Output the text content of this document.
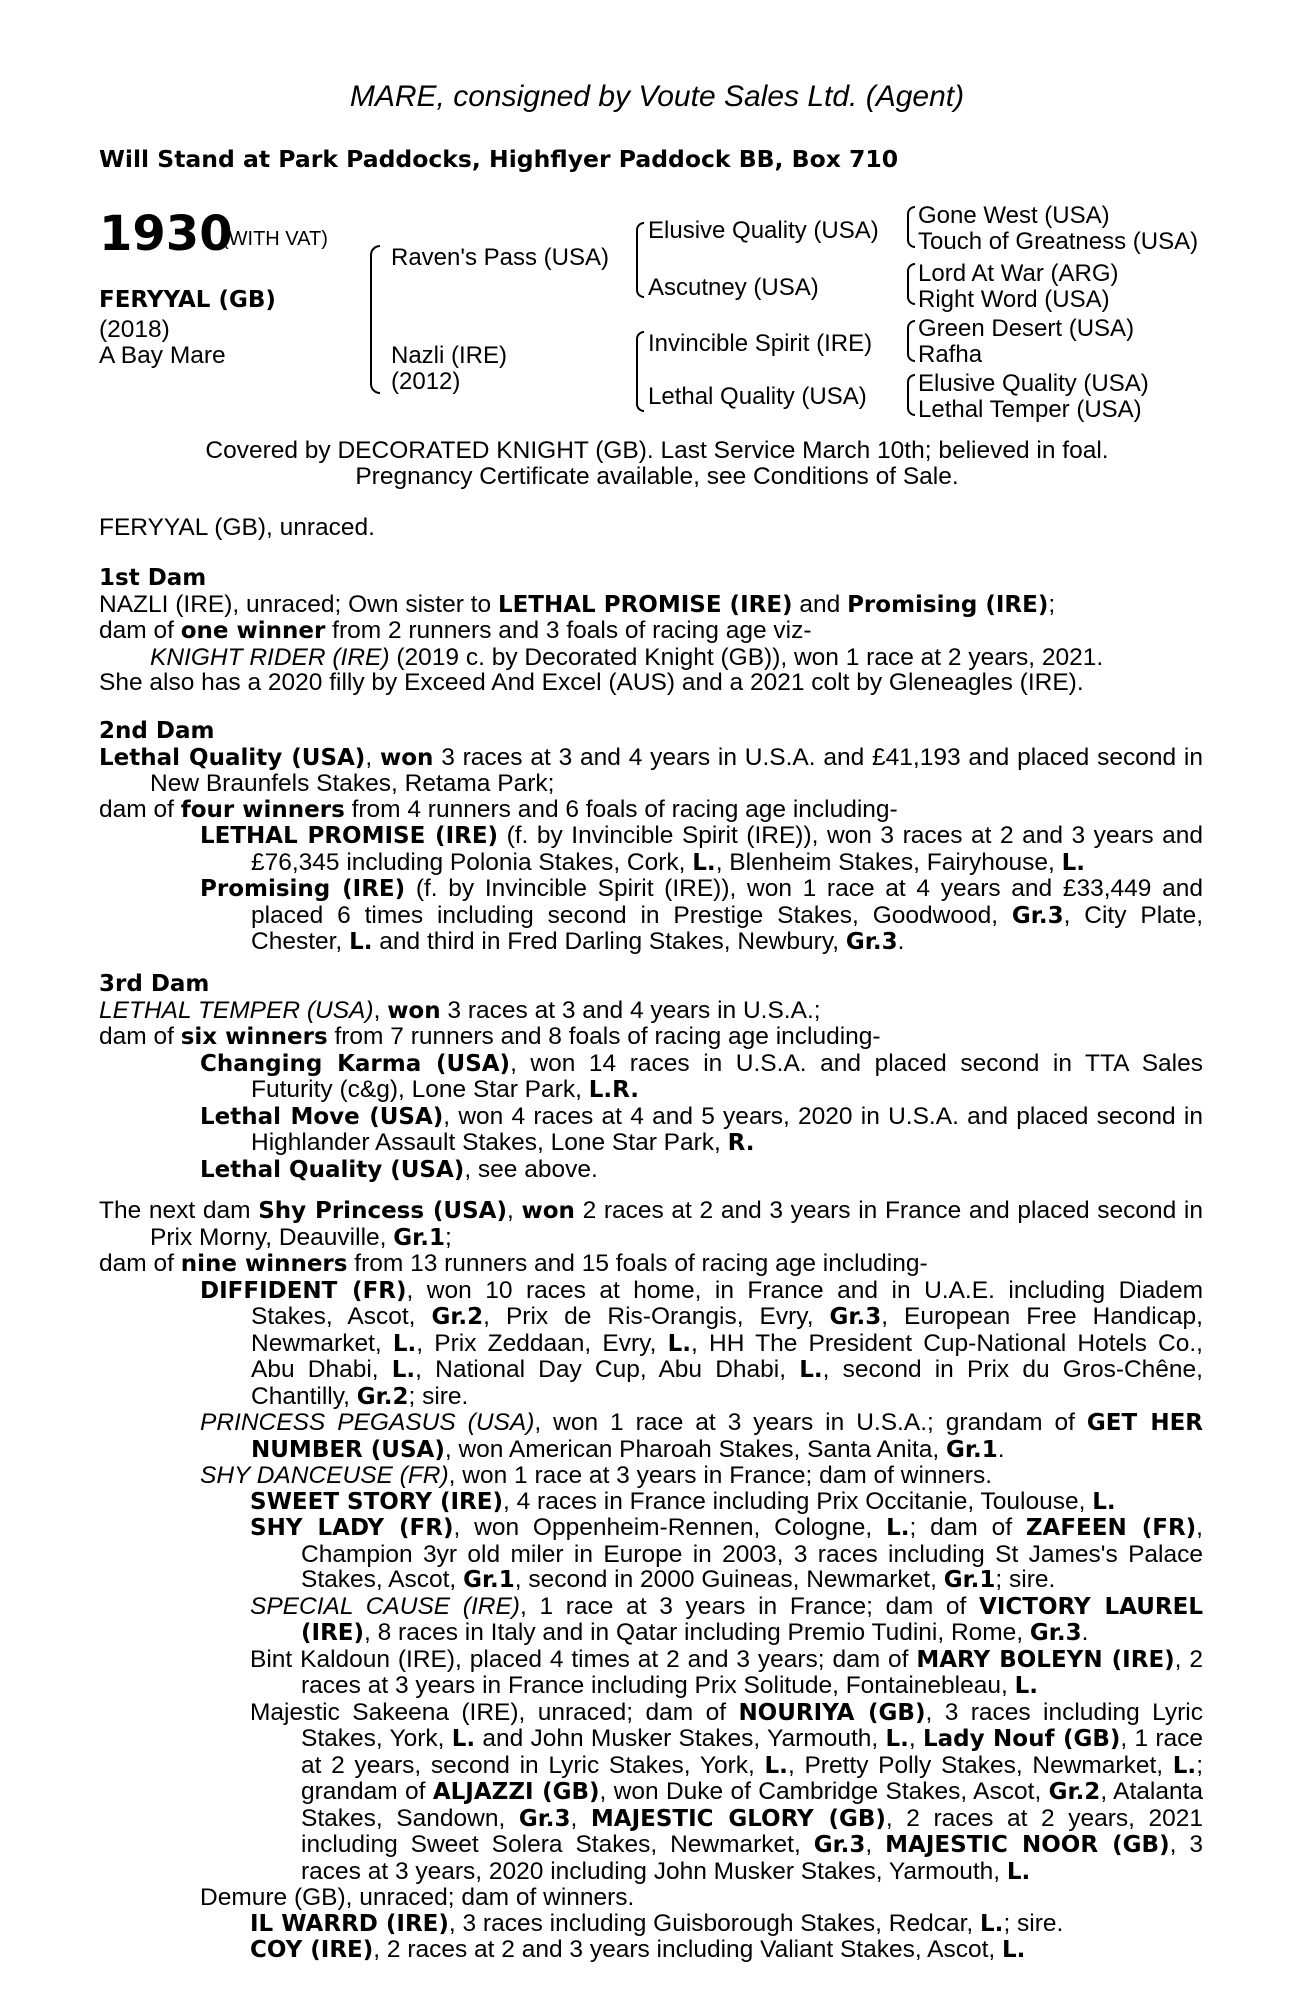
MARE, consigned by Voute Sales Ltd. (Agent)
Will Stand at Park Paddocks, Highflyer Paddock BB, Box 710
1930
(WITH VAT)
FERYYAL (GB)
(2018)
A Bay Mare
Raven's Pass (USA)
Nazli (IRE)
(2012)
Elusive Quality (USA)
Ascutney (USA)
Invincible Spirit (IRE)
Lethal Quality (USA)
Gone West (USA)
Touch of Greatness (USA)
Lord At War (ARG)
Right Word (USA)
Green Desert (USA)
Rafha
Elusive Quality (USA)
Lethal Temper (USA)
Covered by DECORATED KNIGHT (GB). Last Service March 10th; believed in foal.
Pregnancy Certificate available, see Conditions of Sale.
FERYYAL (GB), unraced.

1st Dam

NAZLI (IRE), unraced; Own sister to LETHAL PROMISE (IRE) and Promising (IRE);

dam of one winner from 2 runners and 3 foals of racing age viz-

KNIGHT RIDER (IRE) (2019 c. by Decorated Knight (GB)), won 1 race at 2 years, 2021.

She also has a 2020 filly by Exceed And Excel (AUS) and a 2021 colt by Gleneagles (IRE).

2nd Dam

Lethal Quality (USA), won 3 races at 3 and 4 years in U.S.A. and £41,193 and placed second in New Braunfels Stakes, Retama Park;

dam of four winners from 4 runners and 6 foals of racing age including-

LETHAL PROMISE (IRE) (f. by Invincible Spirit (IRE)), won 3 races at 2 and 3 years and £76,345 including Polonia Stakes, Cork, L., Blenheim Stakes, Fairyhouse, L.

Promising (IRE) (f. by Invincible Spirit (IRE)), won 1 race at 4 years and £33,449 and placed 6 times including second in Prestige Stakes, Goodwood, Gr.3, City Plate, Chester, L. and third in Fred Darling Stakes, Newbury, Gr.3.

3rd Dam

LETHAL TEMPER (USA), won 3 races at 3 and 4 years in U.S.A.;

dam of six winners from 7 runners and 8 foals of racing age including-

Changing Karma (USA), won 14 races in U.S.A. and placed second in TTA Sales Futurity (c&g), Lone Star Park, L.R.

Lethal Move (USA), won 4 races at 4 and 5 years, 2020 in U.S.A. and placed second in Highlander Assault Stakes, Lone Star Park, R.

Lethal Quality (USA), see above.

The next dam Shy Princess (USA), won 2 races at 2 and 3 years in France and placed second in Prix Morny, Deauville, Gr.1;

dam of nine winners from 13 runners and 15 foals of racing age including-

DIFFIDENT (FR), won 10 races at home, in France and in U.A.E. including Diadem Stakes, Ascot, Gr.2, Prix de Ris-Orangis, Evry, Gr.3, European Free Handicap, Newmarket, L., Prix Zeddaan, Evry, L., HH The President Cup-National Hotels Co., Abu Dhabi, L., National Day Cup, Abu Dhabi, L., second in Prix du Gros-Chêne, Chantilly, Gr.2; sire.

PRINCESS PEGASUS (USA), won 1 race at 3 years in U.S.A.; grandam of GET HER NUMBER (USA), won American Pharoah Stakes, Santa Anita, Gr.1.

SHY DANCEUSE (FR), won 1 race at 3 years in France; dam of winners.

SWEET STORY (IRE), 4 races in France including Prix Occitanie, Toulouse, L.

SHY LADY (FR), won Oppenheim-Rennen, Cologne, L.; dam of ZAFEEN (FR), Champion 3yr old miler in Europe in 2003, 3 races including St James's Palace Stakes, Ascot, Gr.1, second in 2000 Guineas, Newmarket, Gr.1; sire.

SPECIAL CAUSE (IRE), 1 race at 3 years in France; dam of VICTORY LAUREL (IRE), 8 races in Italy and in Qatar including Premio Tudini, Rome, Gr.3.

Bint Kaldoun (IRE), placed 4 times at 2 and 3 years; dam of MARY BOLEYN (IRE), 2 races at 3 years in France including Prix Solitude, Fontainebleau, L.

Majestic Sakeena (IRE), unraced; dam of NOURIYA (GB), 3 races including Lyric Stakes, York, L. and John Musker Stakes, Yarmouth, L., Lady Nouf (GB), 1 race at 2 years, second in Lyric Stakes, York, L., Pretty Polly Stakes, Newmarket, L.; grandam of ALJAZZI (GB), won Duke of Cambridge Stakes, Ascot, Gr.2, Atalanta Stakes, Sandown, Gr.3, MAJESTIC GLORY (GB), 2 races at 2 years, 2021 including Sweet Solera Stakes, Newmarket, Gr.3, MAJESTIC NOOR (GB), 3 races at 3 years, 2020 including John Musker Stakes, Yarmouth, L.

Demure (GB), unraced; dam of winners.

IL WARRD (IRE), 3 races including Guisborough Stakes, Redcar, L.; sire.

COY (IRE), 2 races at 2 and 3 years including Valiant Stakes, Ascot, L.
